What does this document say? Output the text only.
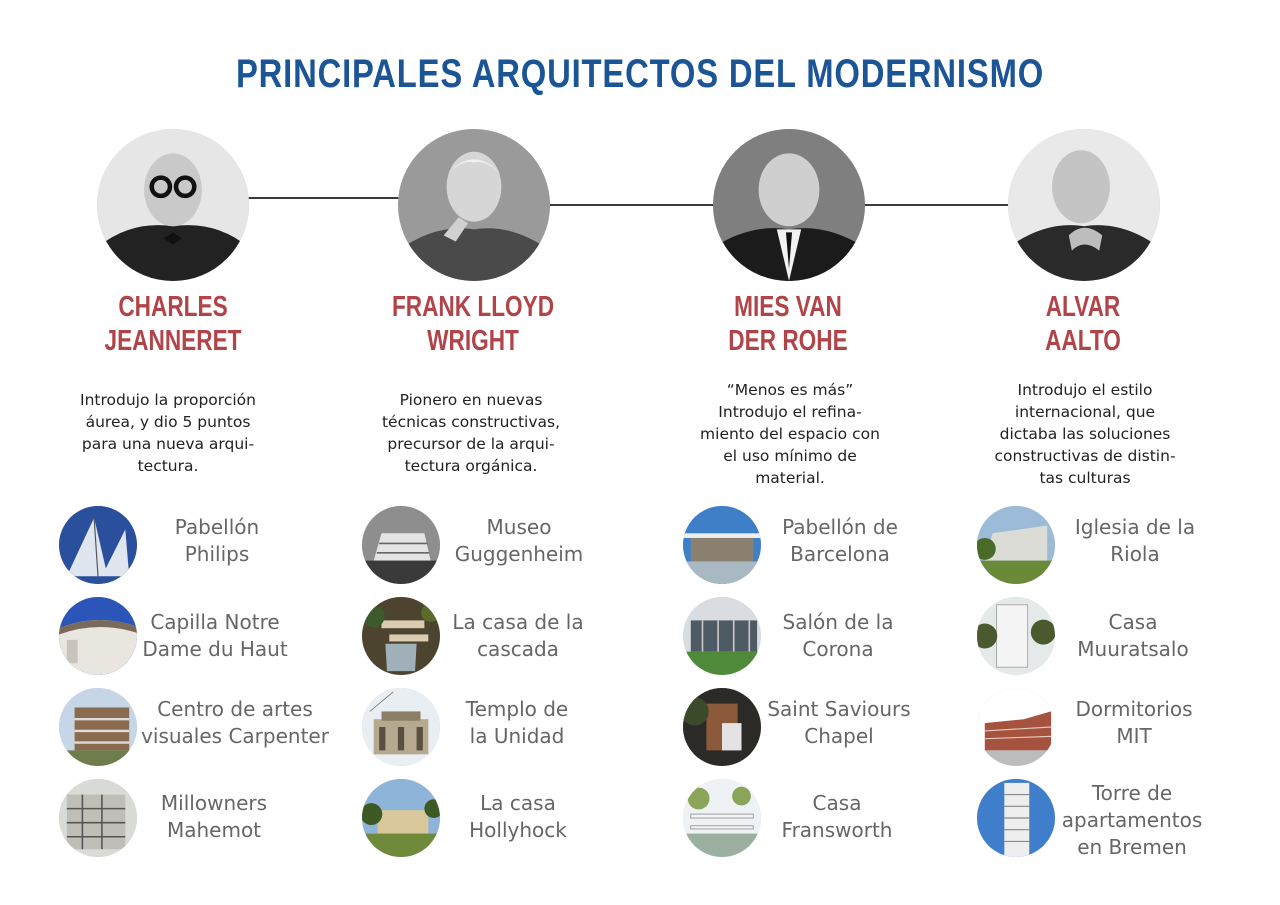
PRINCIPALES ARQUITECTOS DEL MODERNISMO
CHARLES
JEANNERET
Introdujo la proporción
áurea, y dio 5 puntos
para una nueva arqui-
tectura.
Pabellón
Philips
Capilla Notre
Dame du Haut
Centro de artes
visuales Carpenter
Millowners
Mahemot
FRANK LLOYD
WRIGHT
Pionero en nuevas
técnicas constructivas,
precursor de la arqui-
tectura orgánica.
Museo
Guggenheim
La casa de la
cascada
Templo de
la Unidad
La casa
Hollyhock
MIES VAN
DER ROHE
“Menos es más”
Introdujo el refina-
miento del espacio con
el uso mínimo de
material.
Pabellón de
Barcelona
Salón de la
Corona
Saint Saviours
Chapel
Casa
Fransworth
ALVAR
AALTO
Introdujo el estilo
internacional, que
dictaba las soluciones
constructivas de distin-
tas culturas
Iglesia de la
Riola
Casa
Muuratsalo
Dormitorios
MIT
Torre de
apartamentos
en Bremen
